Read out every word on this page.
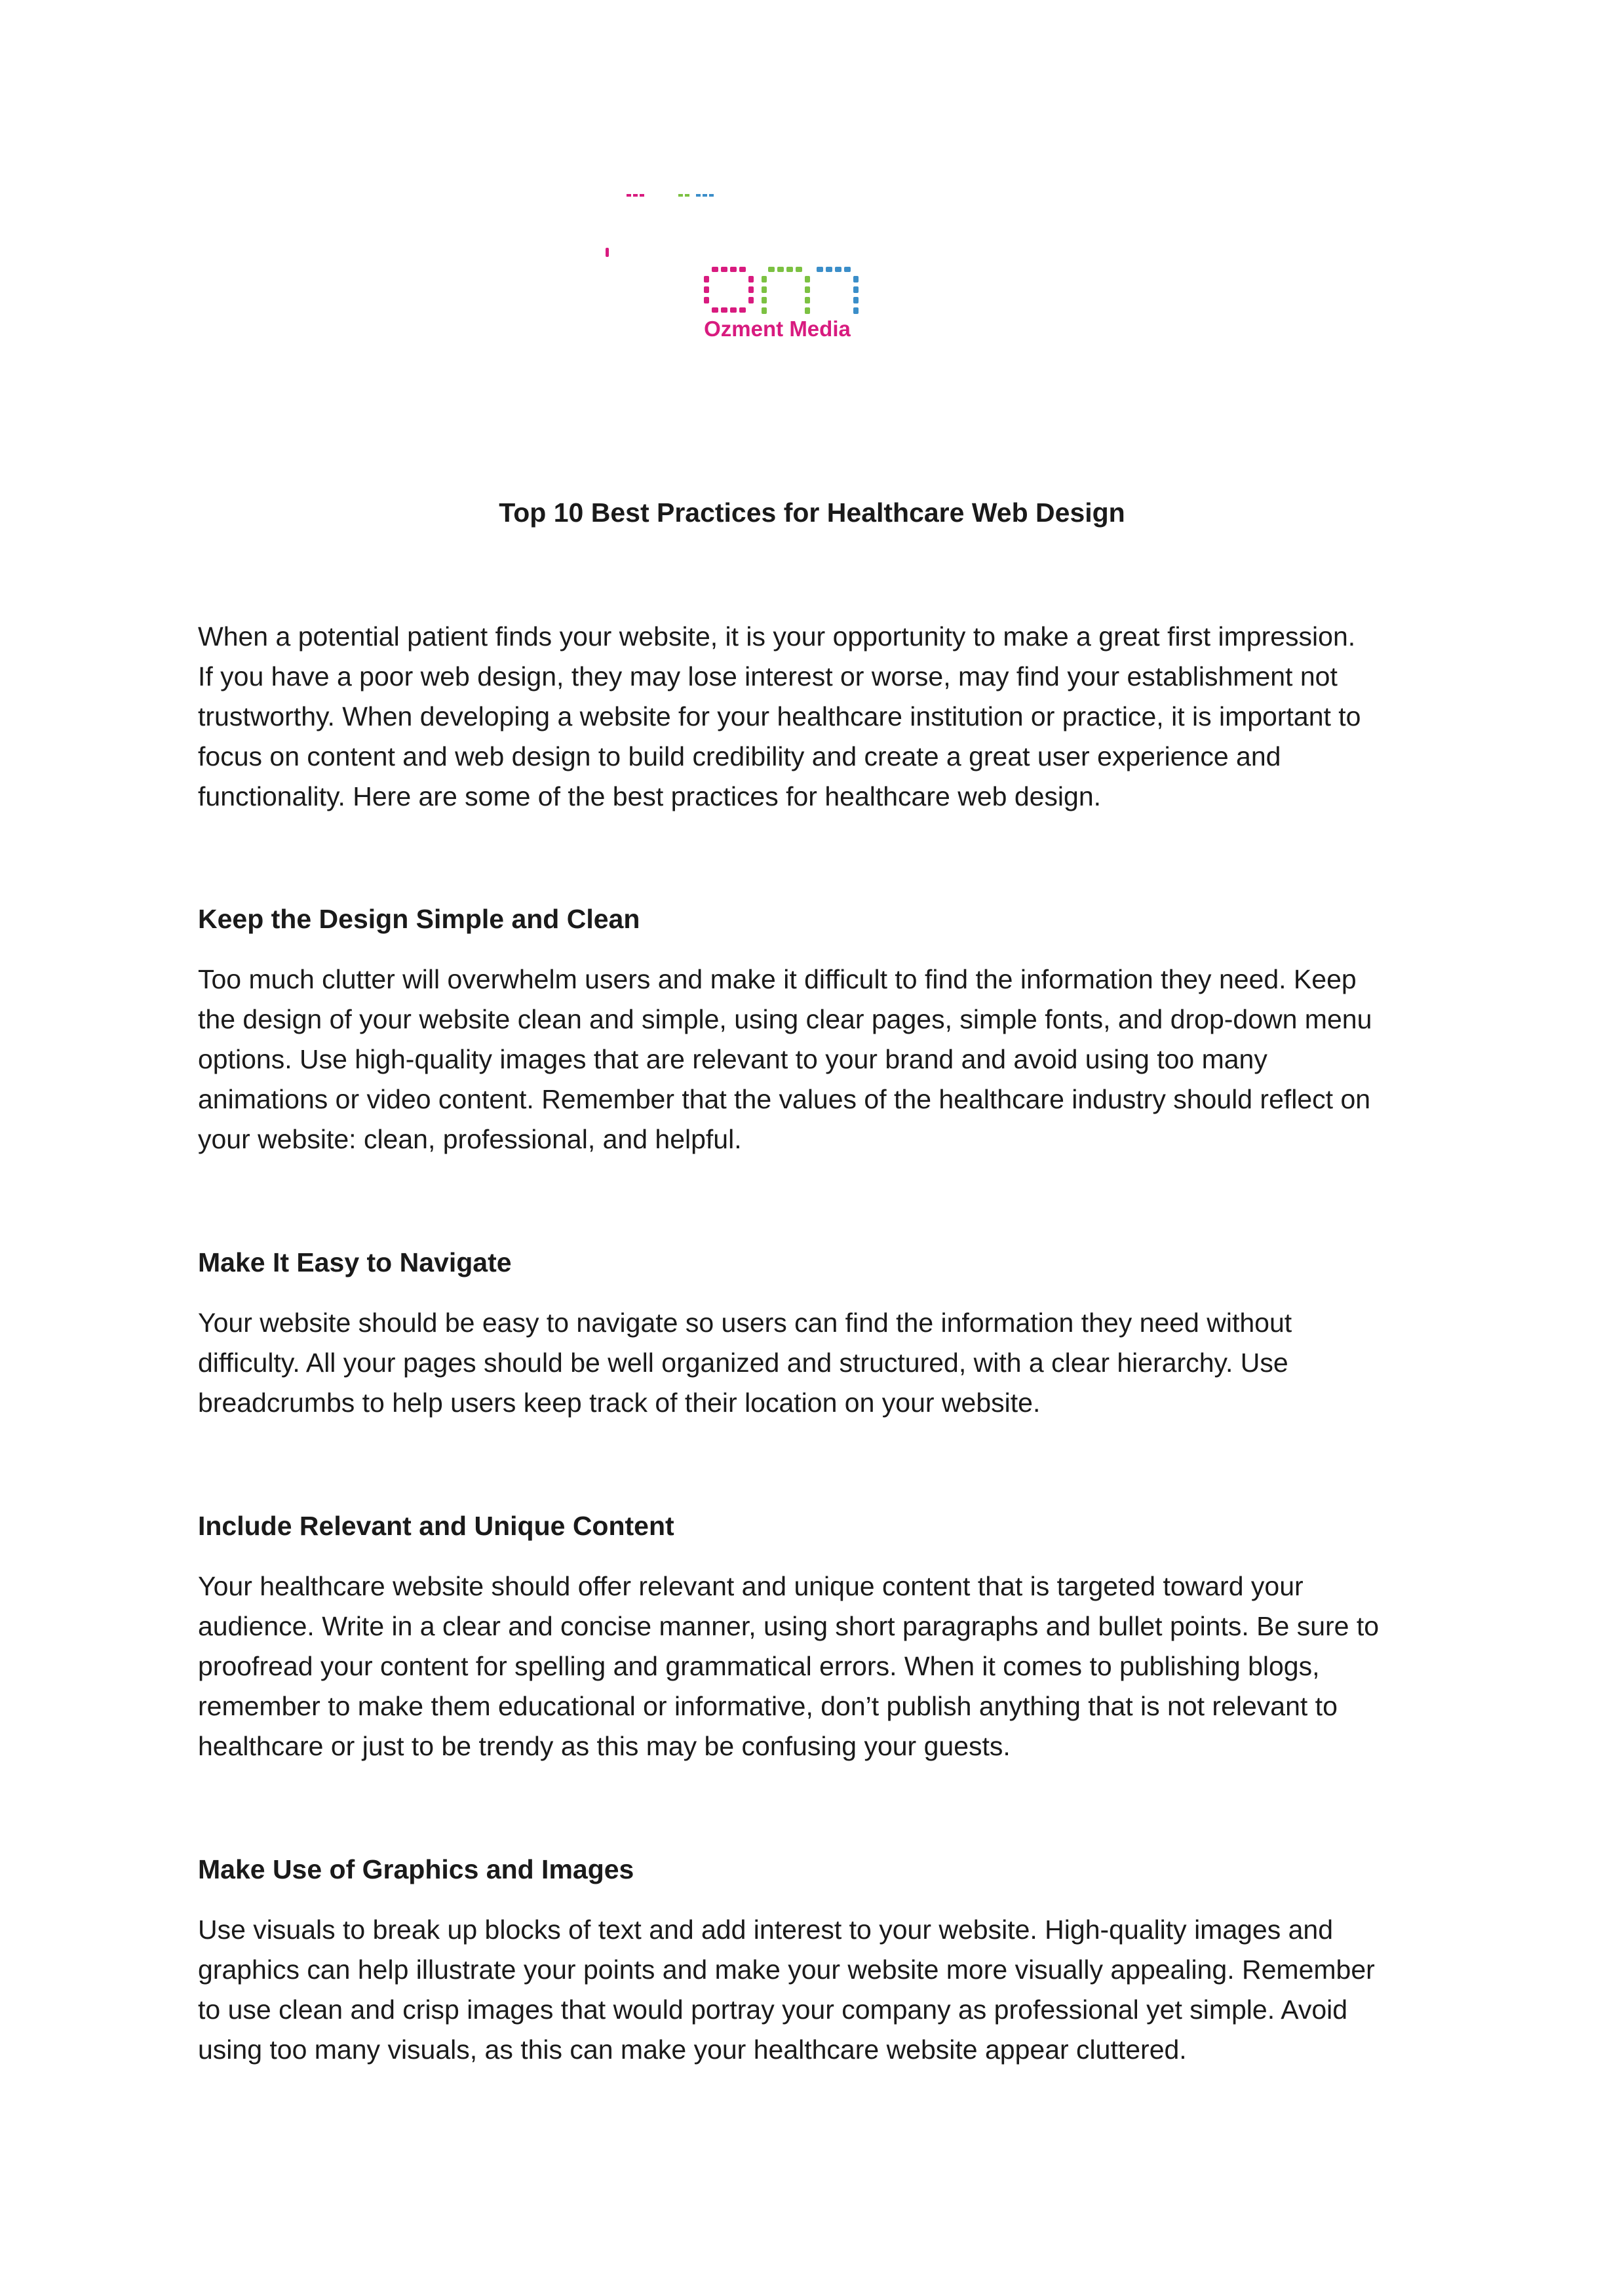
Ozment Media
Top 10 Best Practices for Healthcare Web Design

When a potential patient finds your website, it is your opportunity to make a great first impression.
If you have a poor web design, they may lose interest or worse, may find your establishment not
trustworthy. When developing a website for your healthcare institution or practice, it is important to
focus on content and web design to build credibility and create a great user experience and
functionality. Here are some of the best practices for healthcare web design.

Keep the Design Simple and Clean

Too much clutter will overwhelm users and make it difficult to find the information they need. Keep
the design of your website clean and simple, using clear pages, simple fonts, and drop-down menu
options. Use high-quality images that are relevant to your brand and avoid using too many
animations or video content. Remember that the values of the healthcare industry should reflect on
your website: clean, professional, and helpful.

Make It Easy to Navigate

Your website should be easy to navigate so users can find the information they need without
difficulty. All your pages should be well organized and structured, with a clear hierarchy. Use
breadcrumbs to help users keep track of their location on your website.

Include Relevant and Unique Content

Your healthcare website should offer relevant and unique content that is targeted toward your
audience. Write in a clear and concise manner, using short paragraphs and bullet points. Be sure to
proofread your content for spelling and grammatical errors. When it comes to publishing blogs,
remember to make them educational or informative, don’t publish anything that is not relevant to
healthcare or just to be trendy as this may be confusing your guests.

Make Use of Graphics and Images

Use visuals to break up blocks of text and add interest to your website. High-quality images and
graphics can help illustrate your points and make your website more visually appealing. Remember
to use clean and crisp images that would portray your company as professional yet simple. Avoid
using too many visuals, as this can make your healthcare website appear cluttered.
